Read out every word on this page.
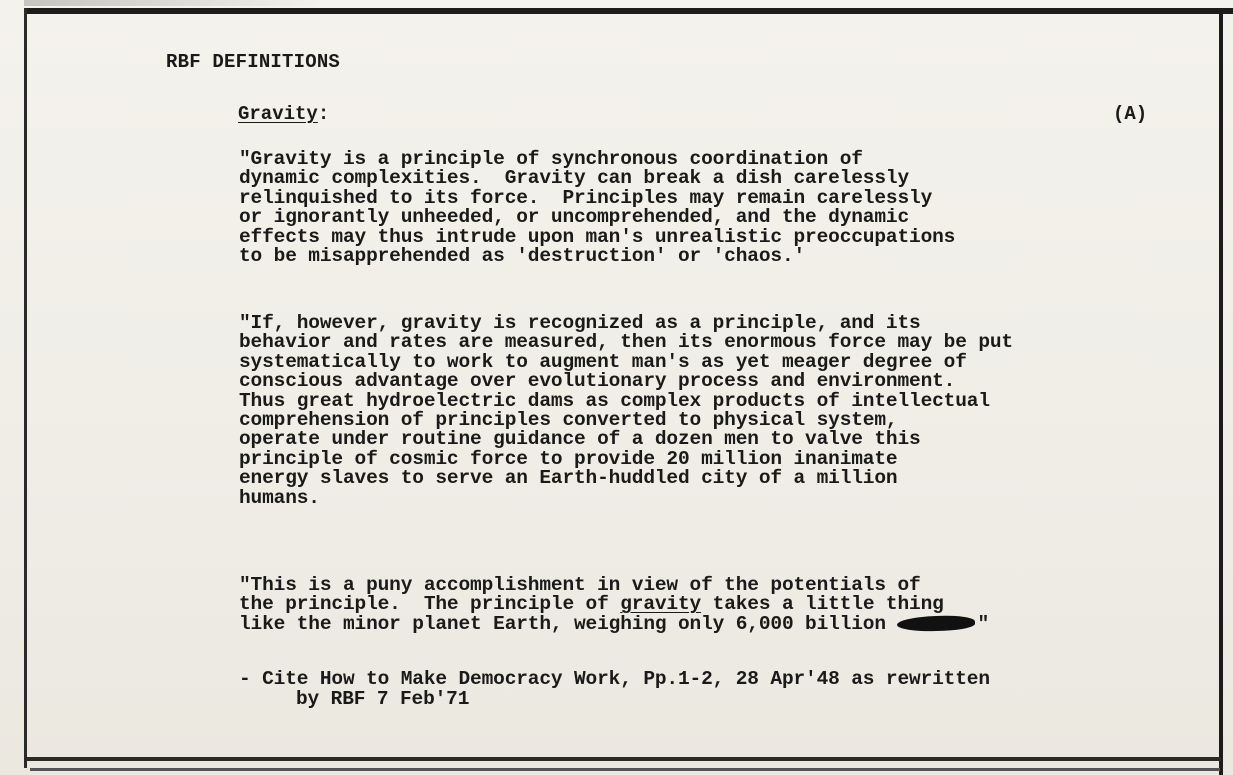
RBF DEFINITIONS
Gravity:	(A)

"Gravity is a principle of synchronous coordination of
dynamic complexities.  Gravity can break a dish carelessly
relinquished to its force.  Principles may remain carelessly
or ignorantly unheeded, or uncomprehended, and the dynamic
effects may thus intrude upon man's unrealistic preoccupations
to be misapprehended as 'destruction' or 'chaos.'

"If, however, gravity is recognized as a principle, and its
behavior and rates are measured, then its enormous force may be put
systematically to work to augment man's as yet meager degree of
conscious advantage over evolutionary process and environment.
Thus great hydroelectric dams as complex products of intellectual
comprehension of principles converted to physical system,
operate under routine guidance of a dozen men to valve this
principle of cosmic force to provide 20 million inanimate
energy slaves to serve an Earth-huddled city of a million
humans.

"This is a puny accomplishment in view of the potentials of
the principle.  The principle of gravity takes a little thing
like the minor planet Earth, weighing only 6,000 billion	"

- Cite How to Make Democracy Work, Pp.1-2, 28 Apr'48 as rewritten
by RBF 7 Feb'71
